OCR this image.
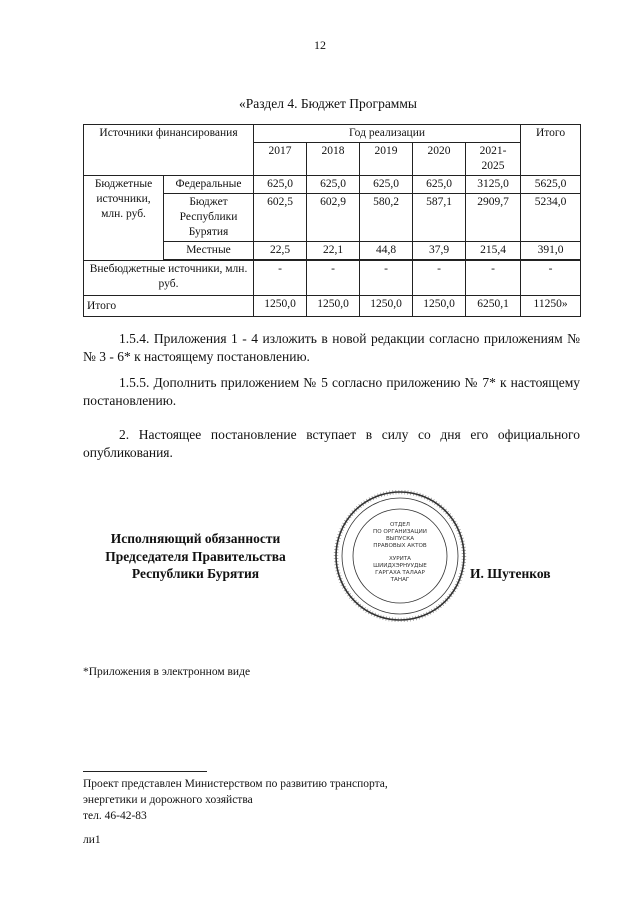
12
«Раздел 4. Бюджет Программы
Источники финансирования		Год реализации					Итого
		2017	2018	2019	2020	2021-
2025	
Бюджетные источники, млн. руб.	Федеральные	625,0	625,0	625,0	625,0	3125,0	5625,0
	Бюджет Республики Бурятия	602,5	602,9	580,2	587,1	2909,7	5234,0
	Местные	22,5	22,1	44,8	37,9	215,4	391,0
Внебюджетные источники, млн. руб.		-	-	-	-	-	-
Итого		1250,0	1250,0	1250,0	1250,0	6250,1	11250»
1.5.4. Приложения 1 - 4 изложить в новой редакции согласно приложениям №№ 3 - 6* к настоящему постановлению.
1.5.5. Дополнить приложением № 5 согласно приложению № 7* к настоящему постановлению.
2. Настоящее постановление вступает в силу со дня его официального опубликования.
Исполняющий обязанности
Председателя Правительства
Республики Бурятия
ОТДЕЛ
ПО ОРГАНИЗАЦИИ
ВЫПУСКА
ПРАВОВЫХ АКТОВ
ХУРИТА
ШИИДХЭРНУУДЫЕ
ГАРГАХА ТАЛААР
ТАНАГ	И. Шутенков
*Приложения в электронном виде
Проект представлен Министерством по развитию транспорта,
энергетики и дорожного хозяйства
тел. 46-42-83
ли1
